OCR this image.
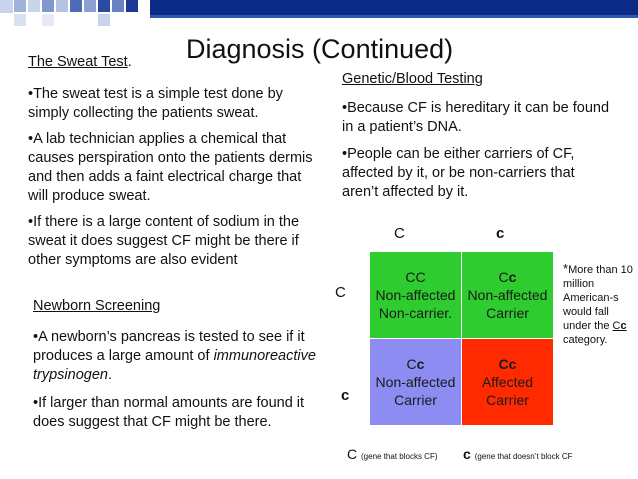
Diagnosis (Continued)
The Sweat Test.

•The sweat test is a simple test done by simply collecting the patients sweat.

•A lab technician applies a chemical that causes perspiration onto the patients dermis and then adds a faint electrical charge that will produce sweat.

•If there is a large content of sodium in the sweat it does suggest CF might be there if other symptoms are also evident

Newborn Screening

•A newborn’s pancreas is tested to see if it produces a large amount of immunoreactive trypsinogen.

•If larger than normal amounts are found it does suggest that CF might be there.

Genetic/Blood Testing

•Because CF is hereditary it can be found in a patient’s DNA.

•People can be either carriers of CF, affected by it, or be non-carriers that aren’t affected by it.

C	c
C
c
CC
Non-affected
Non-carrier.
Cc
Non-affected
Carrier
Cc
Non-affected
Carrier
Cc
Affected
Carrier
*More than 10 million American-s would fall under the Cc category.
C (gene that blocks CF) c (gene that doesn’t block CF
